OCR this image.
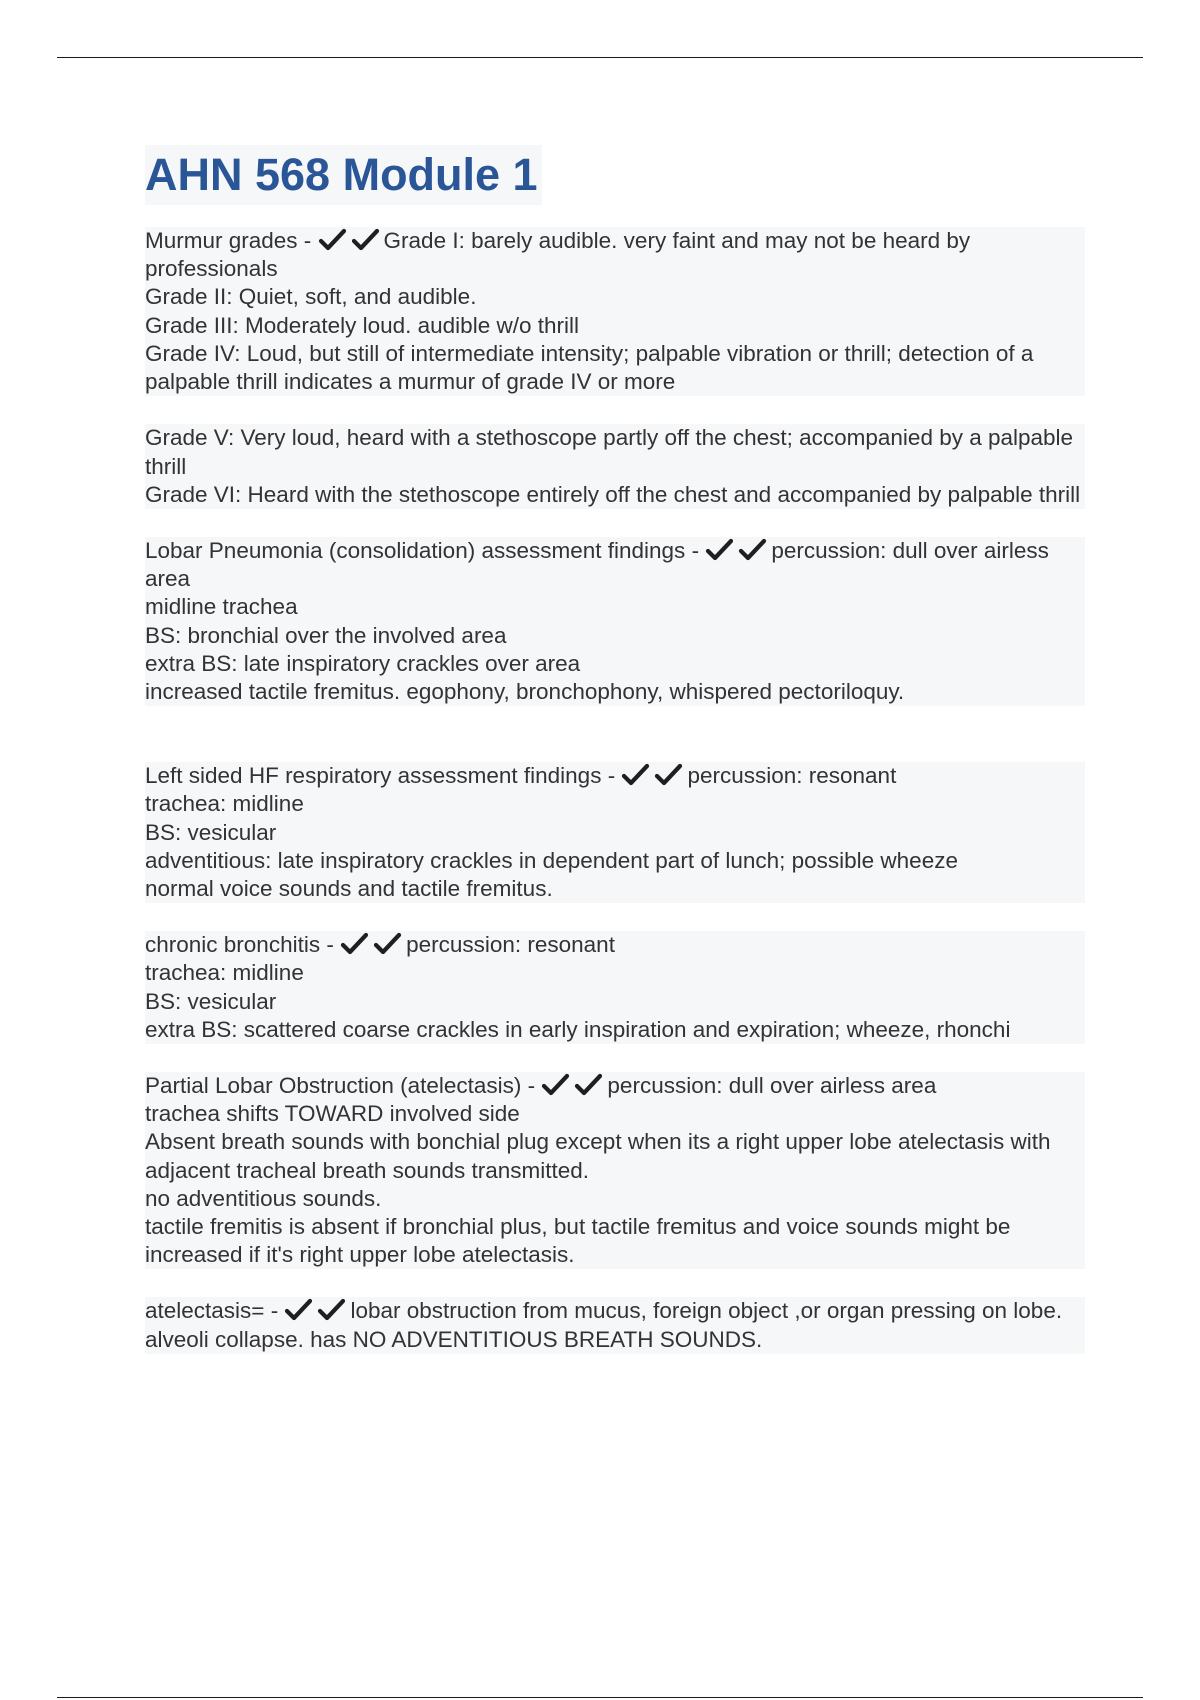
AHN 568 Module 1
Murmur grades -	Grade I: barely audible. very faint and may not be heard by professionals
Grade II: Quiet, soft, and audible.
Grade III: Moderately loud. audible w/o thrill
Grade IV: Loud, but still of intermediate intensity; palpable vibration or thrill; detection of a palpable thrill indicates a murmur of grade IV or more
Grade V: Very loud, heard with a stethoscope partly off the chest; accompanied by a palpable thrill
Grade VI: Heard with the stethoscope entirely off the chest and accompanied by palpable thrill
Lobar Pneumonia (consolidation) assessment findings -	percussion: dull over airless area
midline trachea
BS: bronchial over the involved area
extra BS: late inspiratory crackles over area
increased tactile fremitus. egophony, bronchophony, whispered pectoriloquy.
Left sided HF respiratory assessment findings -	percussion: resonant
trachea: midline
BS: vesicular
adventitious: late inspiratory crackles in dependent part of lunch; possible wheeze
normal voice sounds and tactile fremitus.
chronic bronchitis -	percussion: resonant
trachea: midline
BS: vesicular
extra BS: scattered coarse crackles in early inspiration and expiration; wheeze, rhonchi
Partial Lobar Obstruction (atelectasis) -	percussion: dull over airless area
trachea shifts TOWARD involved side
Absent breath sounds with bonchial plug except when its a right upper lobe atelectasis with adjacent tracheal breath sounds transmitted.
no adventitious sounds.
tactile fremitis is absent if bronchial plus, but tactile fremitus and voice sounds might be increased if it's right upper lobe atelectasis.
atelectasis= -	lobar obstruction from mucus, foreign object ,or organ pressing on lobe. alveoli collapse. has NO ADVENTITIOUS BREATH SOUNDS.
